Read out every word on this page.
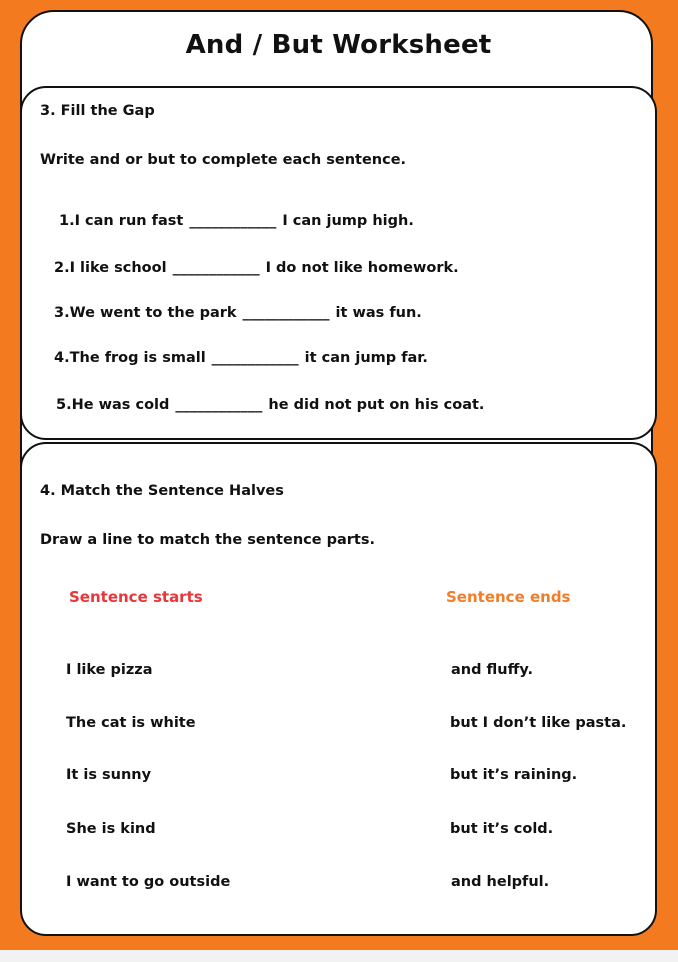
And / But Worksheet
3. Fill the Gap
Write and or but to complete each sentence.
1.I can run fast ____________ I can jump high.
2.I like school ____________ I do not like homework.
3.We went to the park ____________ it was fun.
4.The frog is small ____________ it can jump far.
5.He was cold ____________ he did not put on his coat.
4. Match the Sentence Halves
Draw a line to match the sentence parts.
Sentence starts	Sentence ends
I like pizza
The cat is white
It is sunny
She is kind
I want to go outside
and fluffy.
but I don’t like pasta.
but it’s raining.
but it’s cold.
and helpful.
